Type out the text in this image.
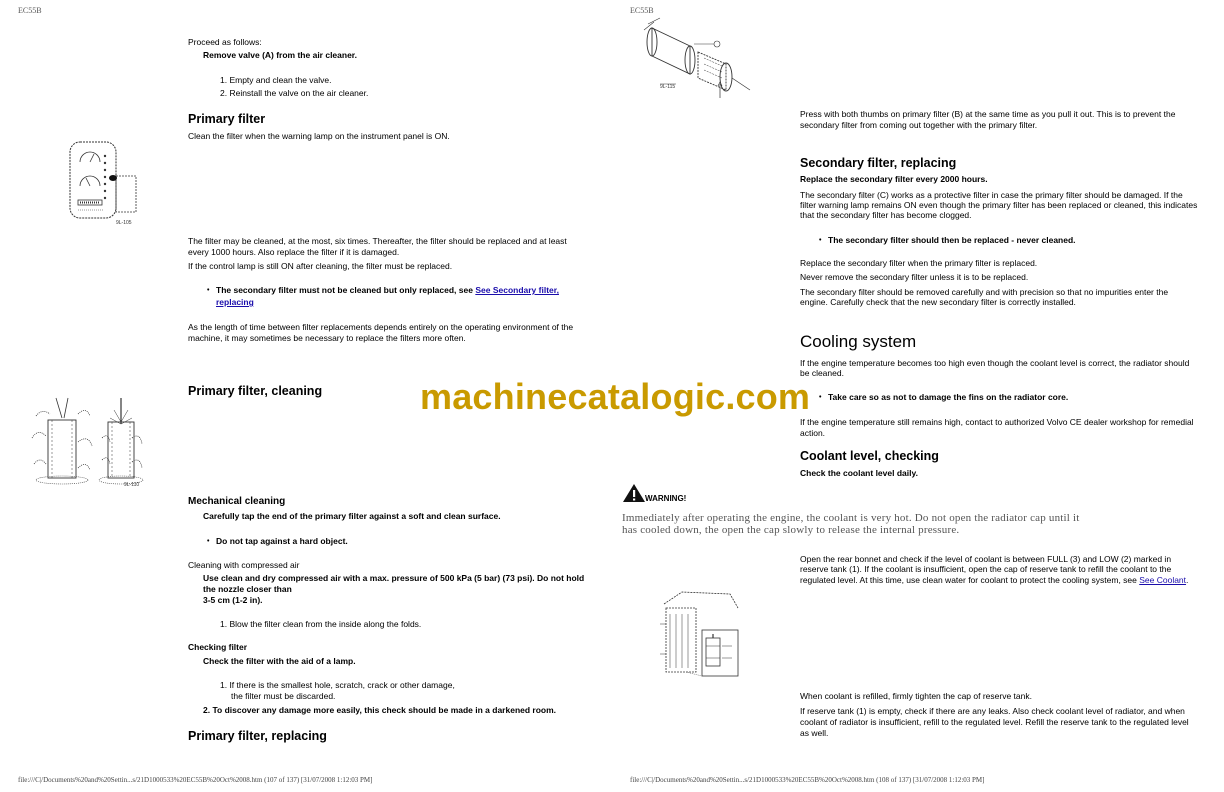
EC55B
Proceed as follows:
Remove valve (A) from the air cleaner.
1. Empty and clean the valve.
2. Reinstall the valve on the air cleaner.
Primary filter
Clean the filter when the warning lamp on the instrument panel is ON.
9L-105
The filter may be cleaned, at the most, six times. Thereafter, the filter should be replaced and at least
every 1000 hours. Also replace the filter if it is damaged.
If the control lamp is still ON after cleaning, the filter must be replaced.
• The secondary filter must not be cleaned but only replaced, see See Secondary filter,
replacing
As the length of time between filter replacements depends entirely on the operating environment of the
machine, it may sometimes be necessary to replace the filters more often.
Primary filter, cleaning
9L-110
Mechanical cleaning
Carefully tap the end of the primary filter against a soft and clean surface.
• Do not tap against a hard object.
Cleaning with compressed air
Use clean and dry compressed air with a max. pressure of 500 kPa (5 bar) (73 psi). Do not hold
the nozzle closer than
3-5 cm (1-2 in).
1. Blow the filter clean from the inside along the folds.
Checking filter
Check the filter with the aid of a lamp.
1. If there is the smallest hole, scratch, crack or other damage,
the filter must be discarded.
2. To discover any damage more easily, this check should be made in a darkened room.
Primary filter, replacing
file:///C|/Documents%20and%20Settin...s/21D1000533%20EC55B%20Oct%2008.htm (107 of 137) [31/07/2008 1:12:03 PM]
EC55B
9L-115
Press with both thumbs on primary filter (B) at the same time as you pull it out. This is to prevent the
secondary filter from coming out together with the primary filter.
Secondary filter, replacing
Replace the secondary filter every 2000 hours.
The secondary filter (C) works as a protective filter in case the primary filter should be damaged. If the
filter warning lamp remains ON even though the primary filter has been replaced or cleaned, this indicates
that the secondary filter has become clogged.
• The secondary filter should then be replaced - never cleaned.
Replace the secondary filter when the primary filter is replaced.
Never remove the secondary filter unless it is to be replaced.
The secondary filter should be removed carefully and with precision so that no impurities enter the
engine. Carefully check that the new secondary filter is correctly installed.
Cooling system
If the engine temperature becomes too high even though the coolant level is correct, the radiator should
be cleaned.
• Take care so as not to damage the fins on the radiator core.
If the engine temperature still remains high, contact to authorized Volvo CE dealer workshop for remedial
action.
Coolant level, checking
Check the coolant level daily.
WARNING!
Immediately after operating the engine, the coolant is very hot. Do not open the radiator cap until it
has cooled down, the open the cap slowly to release the internal pressure.
Open the rear bonnet and check if the level of coolant is between FULL (3) and LOW (2) marked in
reserve tank (1). If the coolant is insufficient, open the cap of reserve tank to refill the coolant to the
regulated level. At this time, use clean water for coolant to protect the cooling system, see See Coolant.
When coolant is refilled, firmly tighten the cap of reserve tank.
If reserve tank (1) is empty, check if there are any leaks. Also check coolant level of radiator, and when
coolant of radiator is insufficient, refill to the regulated level. Refill the reserve tank to the regulated level
as well.
file:///C|/Documents%20and%20Settin...s/21D1000533%20EC55B%20Oct%2008.htm (108 of 137) [31/07/2008 1:12:03 PM]
machinecatalogic.com
